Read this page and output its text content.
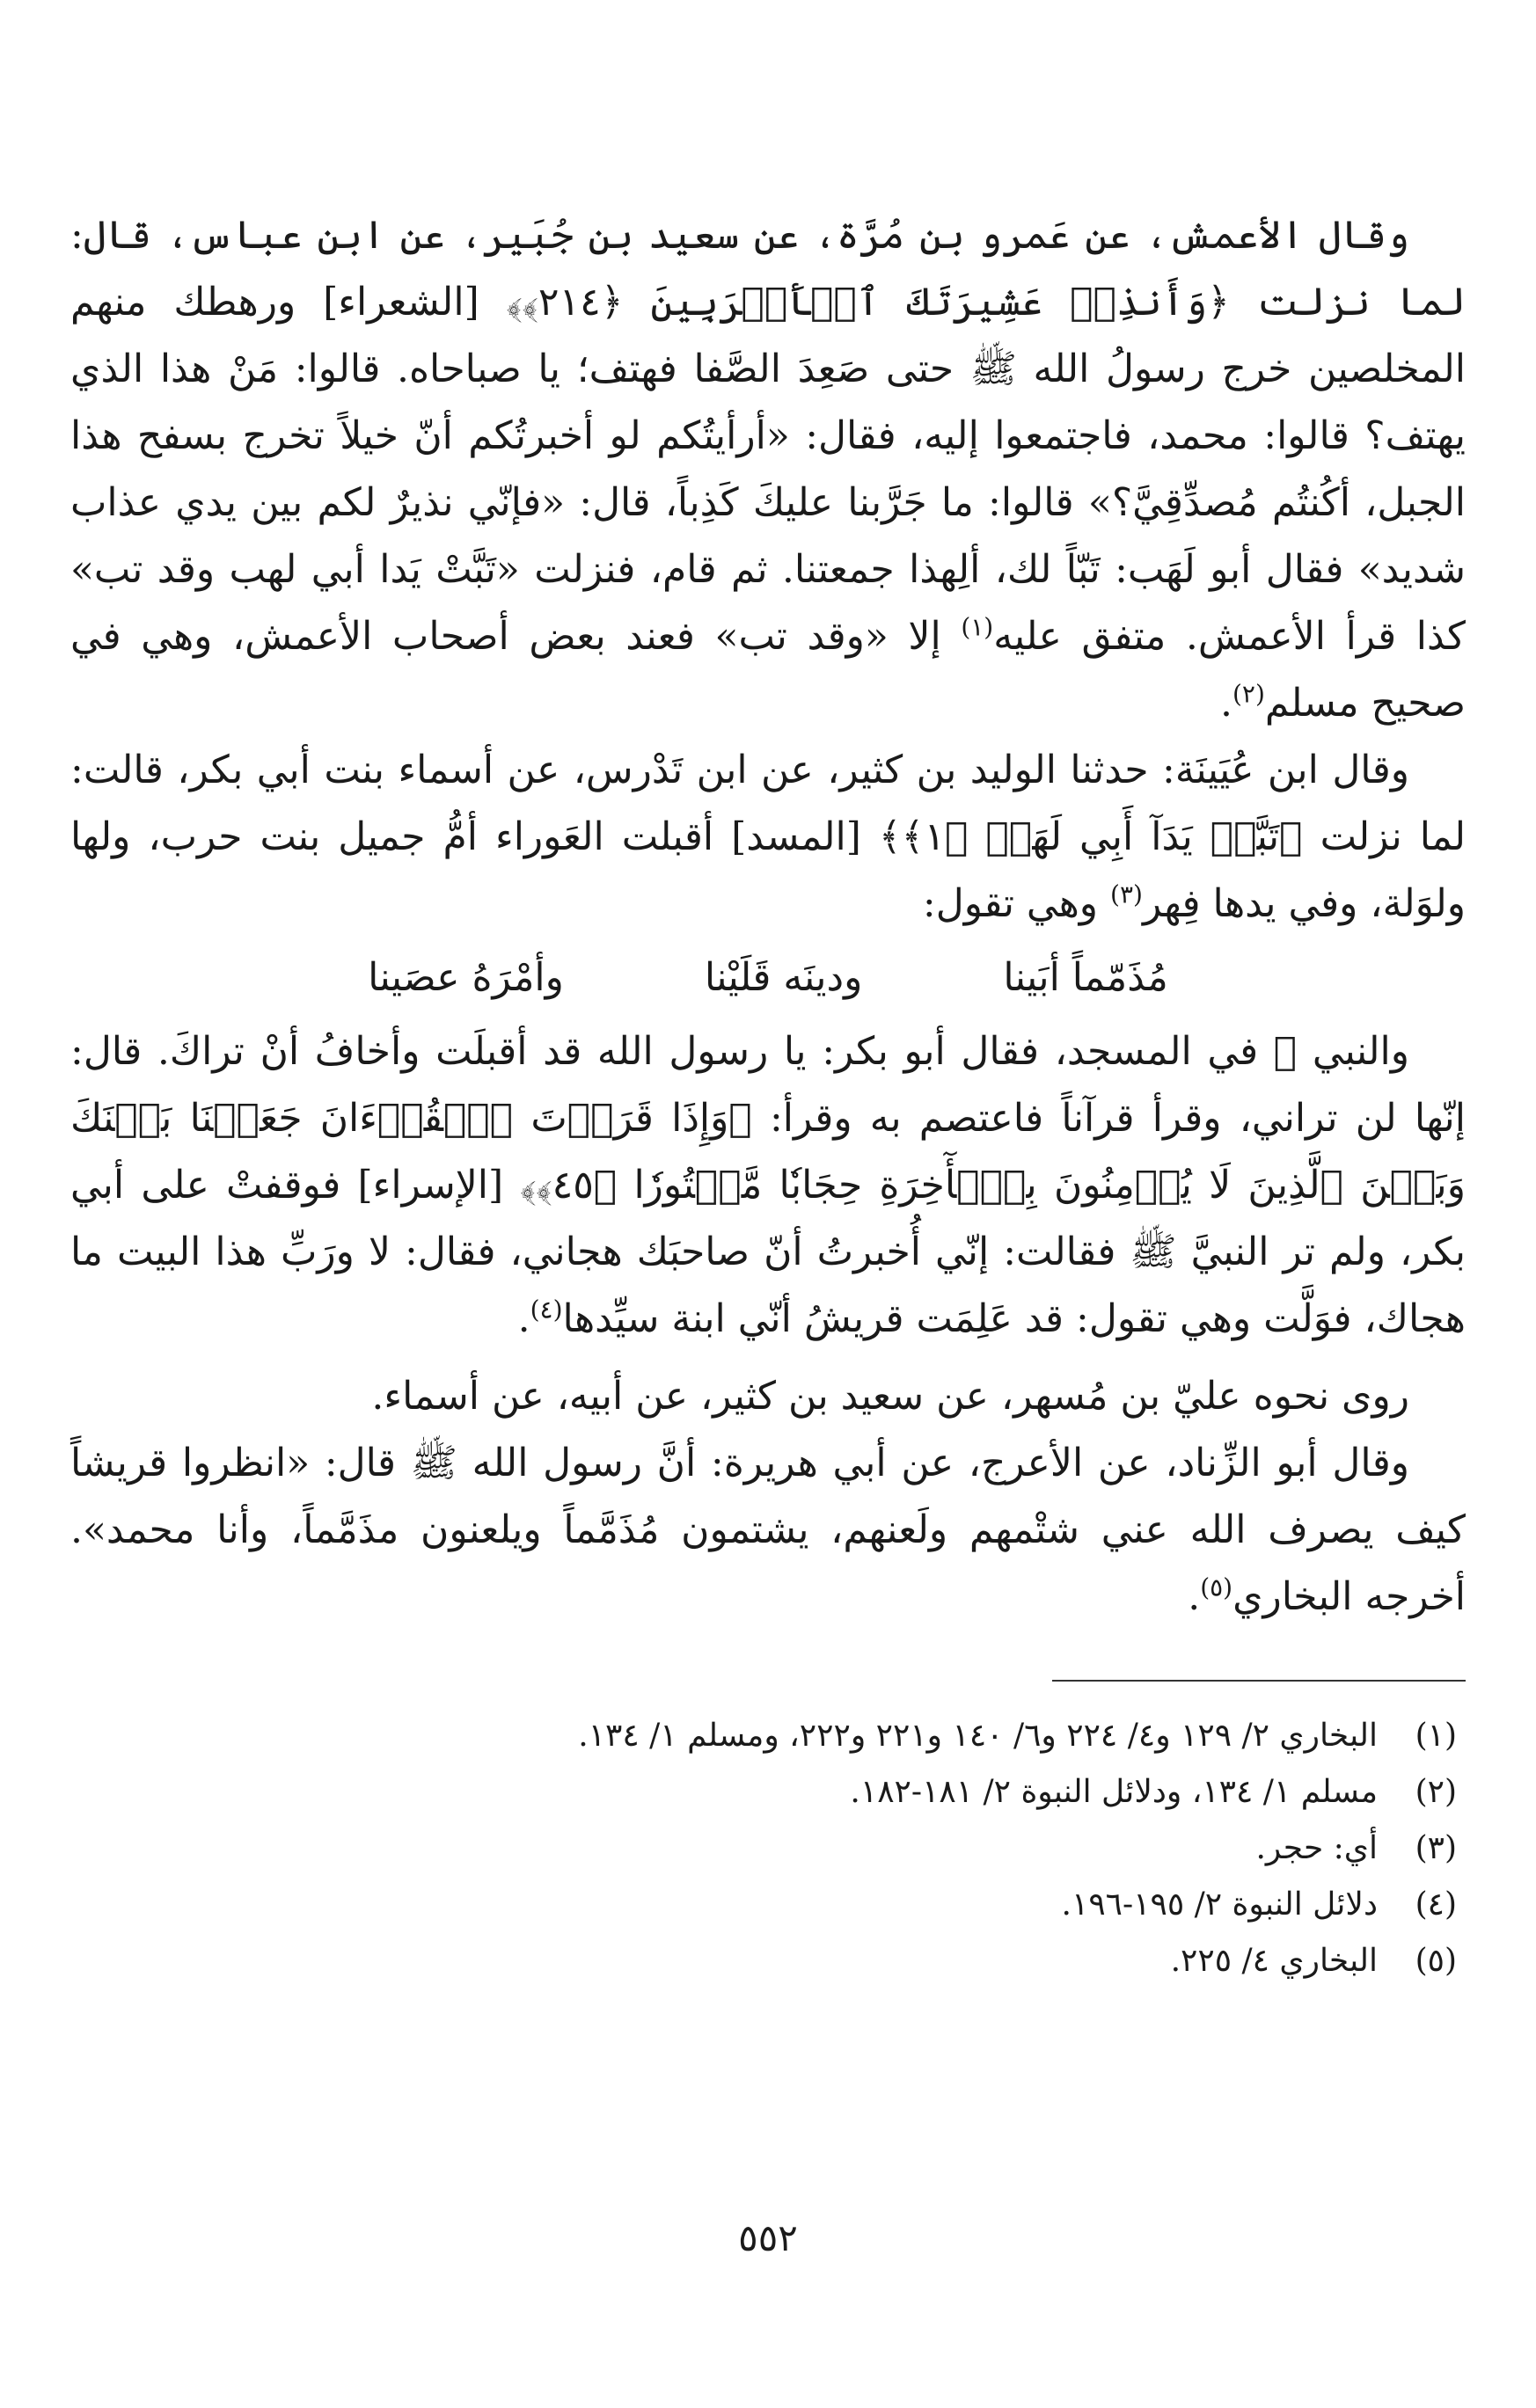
وقال الأعمش، عن عَمرو بن مُرَّة، عن سعيد بن جُبَير، عن ابن عباس، قال: لما نزلت ﴿وَأَنذِرۡ عَشِيرَتَكَ ٱلۡأَقۡرَبِينَ ﴿٢١٤﴾﴾ [الشعراء] ورهطك منهم المخلصين خرج رسولُ الله ﷺ حتى صَعِدَ الصَّفا فهتف؛ يا صباحاه. قالوا: مَنْ هذا الذي يهتف؟ قالوا: محمد، فاجتمعوا إليه، فقال: «أرأيتُكم لو أخبرتُكم أنّ خيلاً تخرج بسفح هذا الجبل، أكُنتُم مُصدِّقِيَّ؟» قالوا: ما جَرَّبنا عليكَ كَذِباً، قال: «فإنّي نذيرٌ لكم بين يدي عذاب شديد» فقال أبو لَهَب: تَبّاً لك، ألِهذا جمعتنا. ثم قام، فنزلت «تَبَّتْ يَدا أبي لهب وقد تب» كذا قرأ الأعمش. متفق عليه$^{(١)}$ إلا «وقد تب» فعند بعض أصحاب الأعمش، وهي في صحيح مسلم$^{(٢)}$.

وقال ابن عُيَينَة: حدثنا الوليد بن كثير، عن ابن تَدْرس، عن أسماء بنت أبي بكر، قالت: لما نزلت ﴿تَبَّتۡ يَدَآ أَبِي لَهَبٖ ﴿١﴾﴾ [المسد] أقبلت العَوراء أمُّ جميل بنت حرب، ولها ولوَلة، وفي يدها فِهر$^{(٣)}$ وهي تقول:

مُذَمّماً أبَينا
ودينَه قَلَيْنا
وأمْرَهُ عصَينا

والنبي ﷺ في المسجد، فقال أبو بكر: يا رسول الله قد أقبلَت وأخافُ أنْ تراكَ. قال: إنّها لن تراني، وقرأ قرآناً فاعتصم به وقرأ: ﴿وَإِذَا قَرَأۡتَ ٱلۡقُرۡءَانَ جَعَلۡنَا بَيۡنَكَ وَبَيۡنَ ٱلَّذِينَ لَا يُؤۡمِنُونَ بِٱلۡأٓخِرَةِ حِجَابٗا مَّسۡتُورٗا ﴿٤٥﴾﴾ [الإسراء] فوقفتْ على أبي بكر، ولم تر النبيَّ ﷺ فقالت: إنّي أُخبرتُ أنّ صاحبَك هجاني، فقال: لا ورَبِّ هذا البيت ما هجاك، فوَلَّت وهي تقول: قد عَلِمَت قريشُ أنّي ابنة سيِّدها$^{(٤)}$.

روى نحوه عليّ بن مُسهر، عن سعيد بن كثير، عن أبيه، عن أسماء.

وقال أبو الزِّناد، عن الأعرج، عن أبي هريرة: أنَّ رسول الله ﷺ قال: «انظروا قريشاً كيف يصرف الله عني شتْمهم ولَعنهم، يشتمون مُذَمَّماً ويلعنون مذَمَّماً، وأنا محمد». أخرجه البخاري$^{(٥)}$.

(١)
البخاري ٢/ ١٢٩ و٤/ ٢٢٤ و٦/ ١٤٠ و٢٢١ و٢٢٢، ومسلم ١/ ١٣٤.
(٢)
مسلم ١/ ١٣٤، ودلائل النبوة ٢/ ١٨١-١٨٢.
(٣)
أي: حجر.
(٤)
دلائل النبوة ٢/ ١٩٥-١٩٦.
(٥)
البخاري ٤/ ٢٢٥.
٥٥٢
